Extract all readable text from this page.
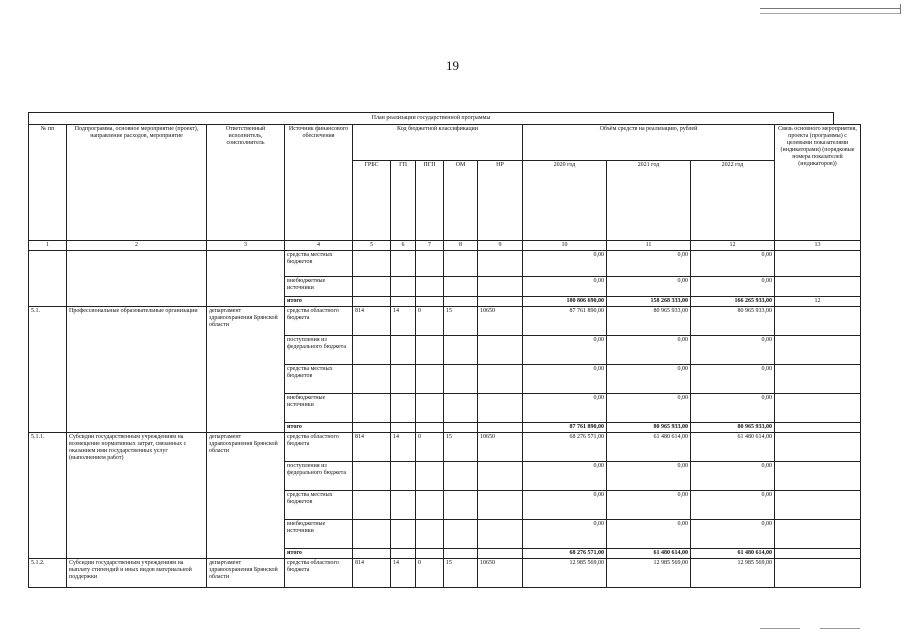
19
План реализации государственной программы
№ пп	Подпрограмма, основное мероприятие (проект), направление расходов, мероприятие	Ответственный исполнитель, соисполнитель	Источник финансового обеспечения	Код бюджетной классификации					Объём средств на реализацию, рублей			Связь основного мероприятия, проекта (программы) с целевыми показателями (индикаторами) (порядковые номера показателей (индикаторов))
				ГРБС	ГП	ПГП	ОМ	НР	2020 год	2021 год	2022 год	
1	2	3	4	5	6	7	8	9	10	11	12	13
			средства местных бюджетов						0,00	0,00	0,00	
			внебюджетные источники						0,00	0,00	0,00	
			итого						180 806 690,00	158 268 333,00	166 265 933,00	12
5.1.	Профессиональные образовательные организации	департамент здравоохранения Брянской области	средства областного бюджета	814	14	0	15	10650	87 761 890,00	80 965 933,00	80 965 933,00	
			поступления из федерального бюджета						0,00	0,00	0,00	
			средства местных бюджетов						0,00	0,00	0,00	
			внебюджетные источники						0,00	0,00	0,00	
			итого						87 761 890,00	80 965 933,00	80 965 933,00	
5.1.1.	Субсидии государственным учреждениям на возмещение нормативных затрат, связанных с оказанием ими государственных услуг (выполнением работ)	департамент здравоохранения Брянской области	средства областного бюджета	814	14	0	15	10650	68 276 571,00	61 480 614,00	61 480 614,00	
			поступления из федерального бюджета						0,00	0,00	0,00	
			средства местных бюджетов						0,00	0,00	0,00	
			внебюджетные источники						0,00	0,00	0,00	
			итого						68 276 571,00	61 480 614,00	61 480 614,00	
5.1.2.	Субсидии государственным учреждениям на выплату стипендий и иных видов материальной поддержки	департамент здравоохранения Брянской области	средства областного бюджета	814	14	0	15	10650	12 985 569,00	12 985 569,00	12 985 569,00	
